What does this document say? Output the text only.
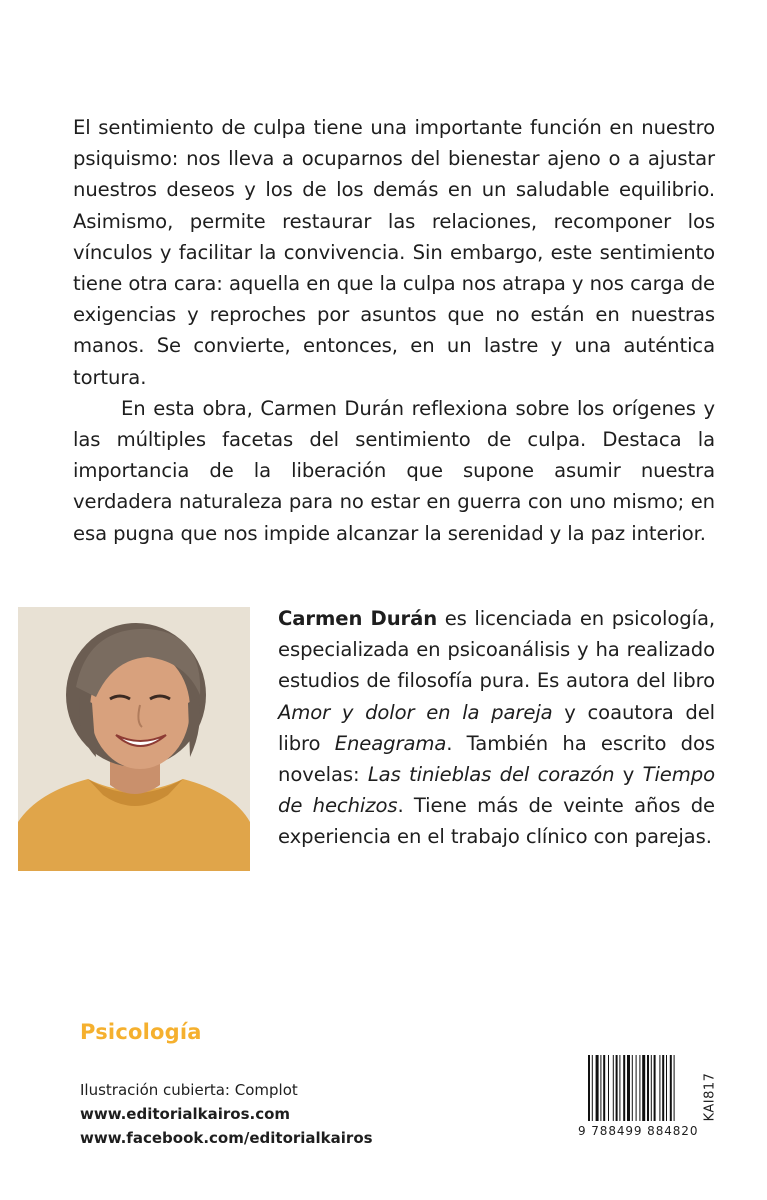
El sentimiento de culpa tiene una importante función en nuestro psiquismo: nos lleva a ocuparnos del bienestar ajeno o a ajustar nuestros deseos y los de los demás en un saludable equilibrio. Asimismo, permite restaurar las relaciones, recomponer los vínculos y facilitar la convivencia. Sin embargo, este sentimiento tiene otra cara: aquella en que la culpa nos atrapa y nos carga de exigencias y reproches por asuntos que no están en nuestras manos. Se convierte, entonces, en un lastre y una auténtica tortura.

En esta obra, Carmen Durán reflexiona sobre los orígenes y las múltiples facetas del sentimiento de culpa. Destaca la importancia de la liberación que supone asumir nuestra verdadera naturaleza para no estar en guerra con uno mismo; en esa pugna que nos impide alcanzar la serenidad y la paz interior.

Carmen Durán es licenciada en psicología, especializada en psicoanálisis y ha realizado estudios de filosofía pura. Es autora del libro Amor y dolor en la pareja y coautora del libro Eneagrama. También ha escrito dos novelas: Las tinieblas del corazón y Tiempo de hechizos. Tiene más de veinte años de experiencia en el trabajo clínico con parejas.

Psicología
Ilustración cubierta: Complot
www.editorialkairos.com
www.facebook.com/editorialkairos	9 788499 884820
KAI817
